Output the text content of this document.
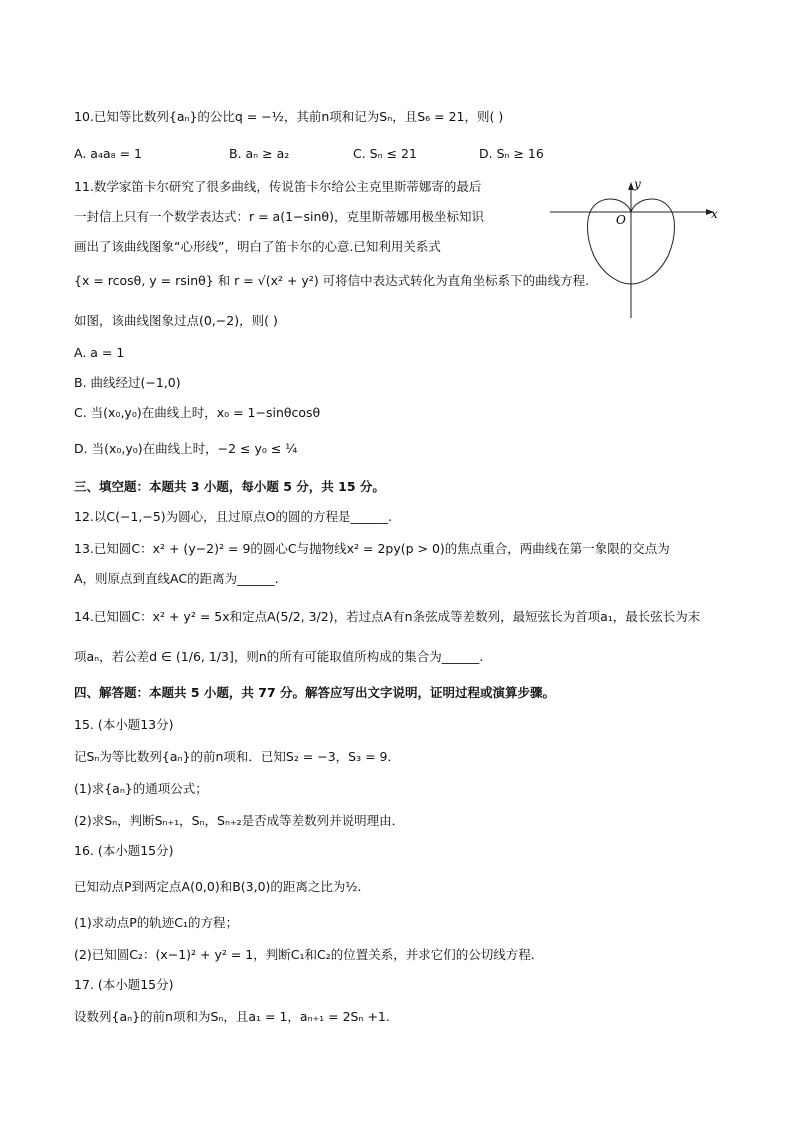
10.已知等比数列{aₙ}的公比q = −½，其前n项和记为Sₙ，且S₆ = 21，则( )
A. a₄a₈ = 1	B. aₙ ≥ a₂	C. Sₙ ≤ 21	D. Sₙ ≥ 16
11.数学家笛卡尔研究了很多曲线，传说笛卡尔给公主克里斯蒂娜寄的最后
一封信上只有一个数学表达式：r = a(1−sinθ)，克里斯蒂娜用极坐标知识
画出了该曲线图象“心形线”，明白了笛卡尔的心意.已知利用关系式
{x = rcosθ, y = rsinθ} 和 r = √(x² + y²) 可将信中表达式转化为直角坐标系下的曲线方程.
如图，该曲线图象过点(0,−2)，则( )
A. a = 1
B. 曲线经过(−1,0)
C. 当(x₀,y₀)在曲线上时，x₀ = 1−sinθcosθ
D. 当(x₀,y₀)在曲线上时，−2 ≤ y₀ ≤ ¼
y
x
O
三、填空题：本题共 3 小题，每小题 5 分，共 15 分。
12.以C(−1,−5)为圆心，且过原点O的圆的方程是______.
13.已知圆C：x² + (y−2)² = 9的圆心C与抛物线x² = 2py(p > 0)的焦点重合，两曲线在第一象限的交点为
A，则原点到直线AC的距离为______.
14.已知圆C：x² + y² = 5x和定点A(5/2, 3/2)，若过点A有n条弦成等差数列，最短弦长为首项a₁，最长弦长为末
项aₙ，若公差d ∈ (1/6, 1/3]，则n的所有可能取值所构成的集合为______.
四、解答题：本题共 5 小题，共 77 分。解答应写出文字说明，证明过程或演算步骤。
15. (本小题13分)
记Sₙ为等比数列{aₙ}的前n项和．已知S₂ = −3，S₃ = 9．
(1)求{aₙ}的通项公式；
(2)求Sₙ，判断Sₙ₊₁，Sₙ，Sₙ₊₂是否成等差数列并说明理由．
16. (本小题15分)
已知动点P到两定点A(0,0)和B(3,0)的距离之比为½.
(1)求动点P的轨迹C₁的方程；
(2)已知圆C₂：(x−1)² + y² = 1，判断C₁和C₂的位置关系，并求它们的公切线方程．
17. (本小题15分)
设数列{aₙ}的前n项和为Sₙ，且a₁ = 1，aₙ₊₁ = 2Sₙ +1.
